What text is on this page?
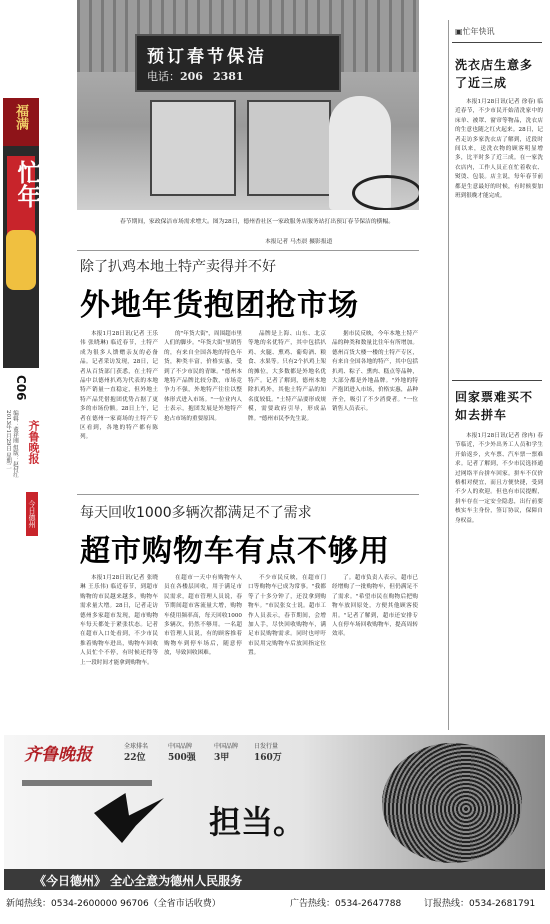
福满
忙年
C06
编辑：董祥刚 组版：赵付红
2013年1月29日 星期二 齐鲁晚报
今日德州
预订春节保洁
电话：206 2381
春节期间，家政保洁市场需求增大。图为28日，德州香社区一家政服务店服务站打出预订春节保洁的横幅。
本报记者 马杰晨 摄影报道
除了扒鸡本地土特产卖得并不好
外地年货抱团抢市场

本报1月28日讯(记者 王乐伟 张晓琳) 临近春节，土特产成为很多人馈赠亲友的必备品。记者采访发现，28日，记者从百货部门获悉，在土特产品中以德州扒鸡为代表的本地特产销量一直稳定，但外地土特产品凭借抱团优势占据了更多的市场份额。28日上午，记者在德州一家商场的土特产专区看到，各地的特产都有陈列。

的"年货大街"，周围超市里人们的脚步。"年货大街"里销售的，有来自全国各地的特色年货，种类丰富，价格实惠，受到了不少市民的青睐。"德州本地特产品牌比较分散，市场竞争力不强，外地特产往往以整体形式进入市场。"一位业内人士表示，抱团发展是外地特产抢占市场的重要原因。

品牌是上海、山东、北京等地的名优特产，其中包括扒鸡、火腿、熏鸡、葡萄酒、粮食、水果等。只有2个扒鸡上架的摊位，大多数都是外地名优特产。记者了解到，德州本地除扒鸡外，其他土特产品的知名度较低。"土特产品要形成规模，需要政府引导，形成品牌。"德州市民李先生说。

据市民反映，今年本地土特产品的种类和数量比往年有所增加。德州百货大楼一楼的土特产专区，有来自全国各地的特产，其中包括扒鸡、粽子、熏肉、糕点等品种，大部分都是外地品牌。"外地的特产抱团进入市场，价格实惠，品种齐全，吸引了不少消费者。"一位销售人员表示。

每天回收1000多辆次都满足不了需求
超市购物车有点不够用

本报1月28日讯(记者 张晓琳 王乐伟) 临近春节，到超市购物的市民越来越多，购物车需求量大增。28日，记者走访德州多家超市发现，超市购物车每天都处于紧张状态。记者在超市入口处看到，不少市民推着购物车进出，购物车回收人员忙个不停，有时候还得等上一段时间才能拿到购物车。

在超市一天中有购物车人员在各楼层回收，用于满足市民需求，超市管理人员说，春节期间超市客流量大增，购物车使用频率高，每天回收1000多辆次，仍然不够用。一名超市管理人员说，有的顾客推着购物车到停车场后，随意停放，导致回收困难。

不少市民反映，在超市门口等购物车已成为常事。"我都等了十多分钟了，还没拿到购物车。"市民张女士说。超市工作人员表示，春节期间，会增加人手，尽快回收购物车，满足市民购物需求。同时也呼吁市民用完购物车后放回指定位置。

了。超市负责人表示，超市已经增购了一批购物车，但仍满足不了需求。"希望市民在购物后把购物车放回原处，方便其他顾客使用。"记者了解到，超市还安排专人在停车场回收购物车，提高周转效率。

▣忙年快讯
洗衣店生意多了近三成

本报1月28日讯(记者 徐春) 临近春节，不少市民开始清洗家中的床单、被罩、窗帘等物品，洗衣店的生意也随之红火起来。28日，记者走访多家洗衣店了解到，近段时间以来，送洗衣物的顾客明显增多，比平时多了近三成。在一家洗衣店内，工作人员正在忙着收衣、熨烫、包装。店主说，每年春节前都是生意最好的时候，有时候要加班到很晚才能完成。

回家票难买不如去拼车

本报1月28日讯(记者 徐冉) 春节临近，不少外出务工人员和学生开始返乡，火车票、汽车票一票难求。记者了解到，不少市民选择通过网络平台拼车回家。拼车不仅价格相对便宜，而且方便快捷，受到不少人的欢迎。但也有市民提醒，拼车存在一定安全隐患，出行前要核实车主身份，签订协议，保障自身权益。

齐鲁晚报	全球排名
22位
中国品牌
500强
中国品牌
3甲
日发行量
160万
担当。
《今日德州》 全心全意为德州人民服务
新闻热线：0534-2600000 96706（全省市话收费）	广告热线：0534-2647788	订报热线：0534-2681791
